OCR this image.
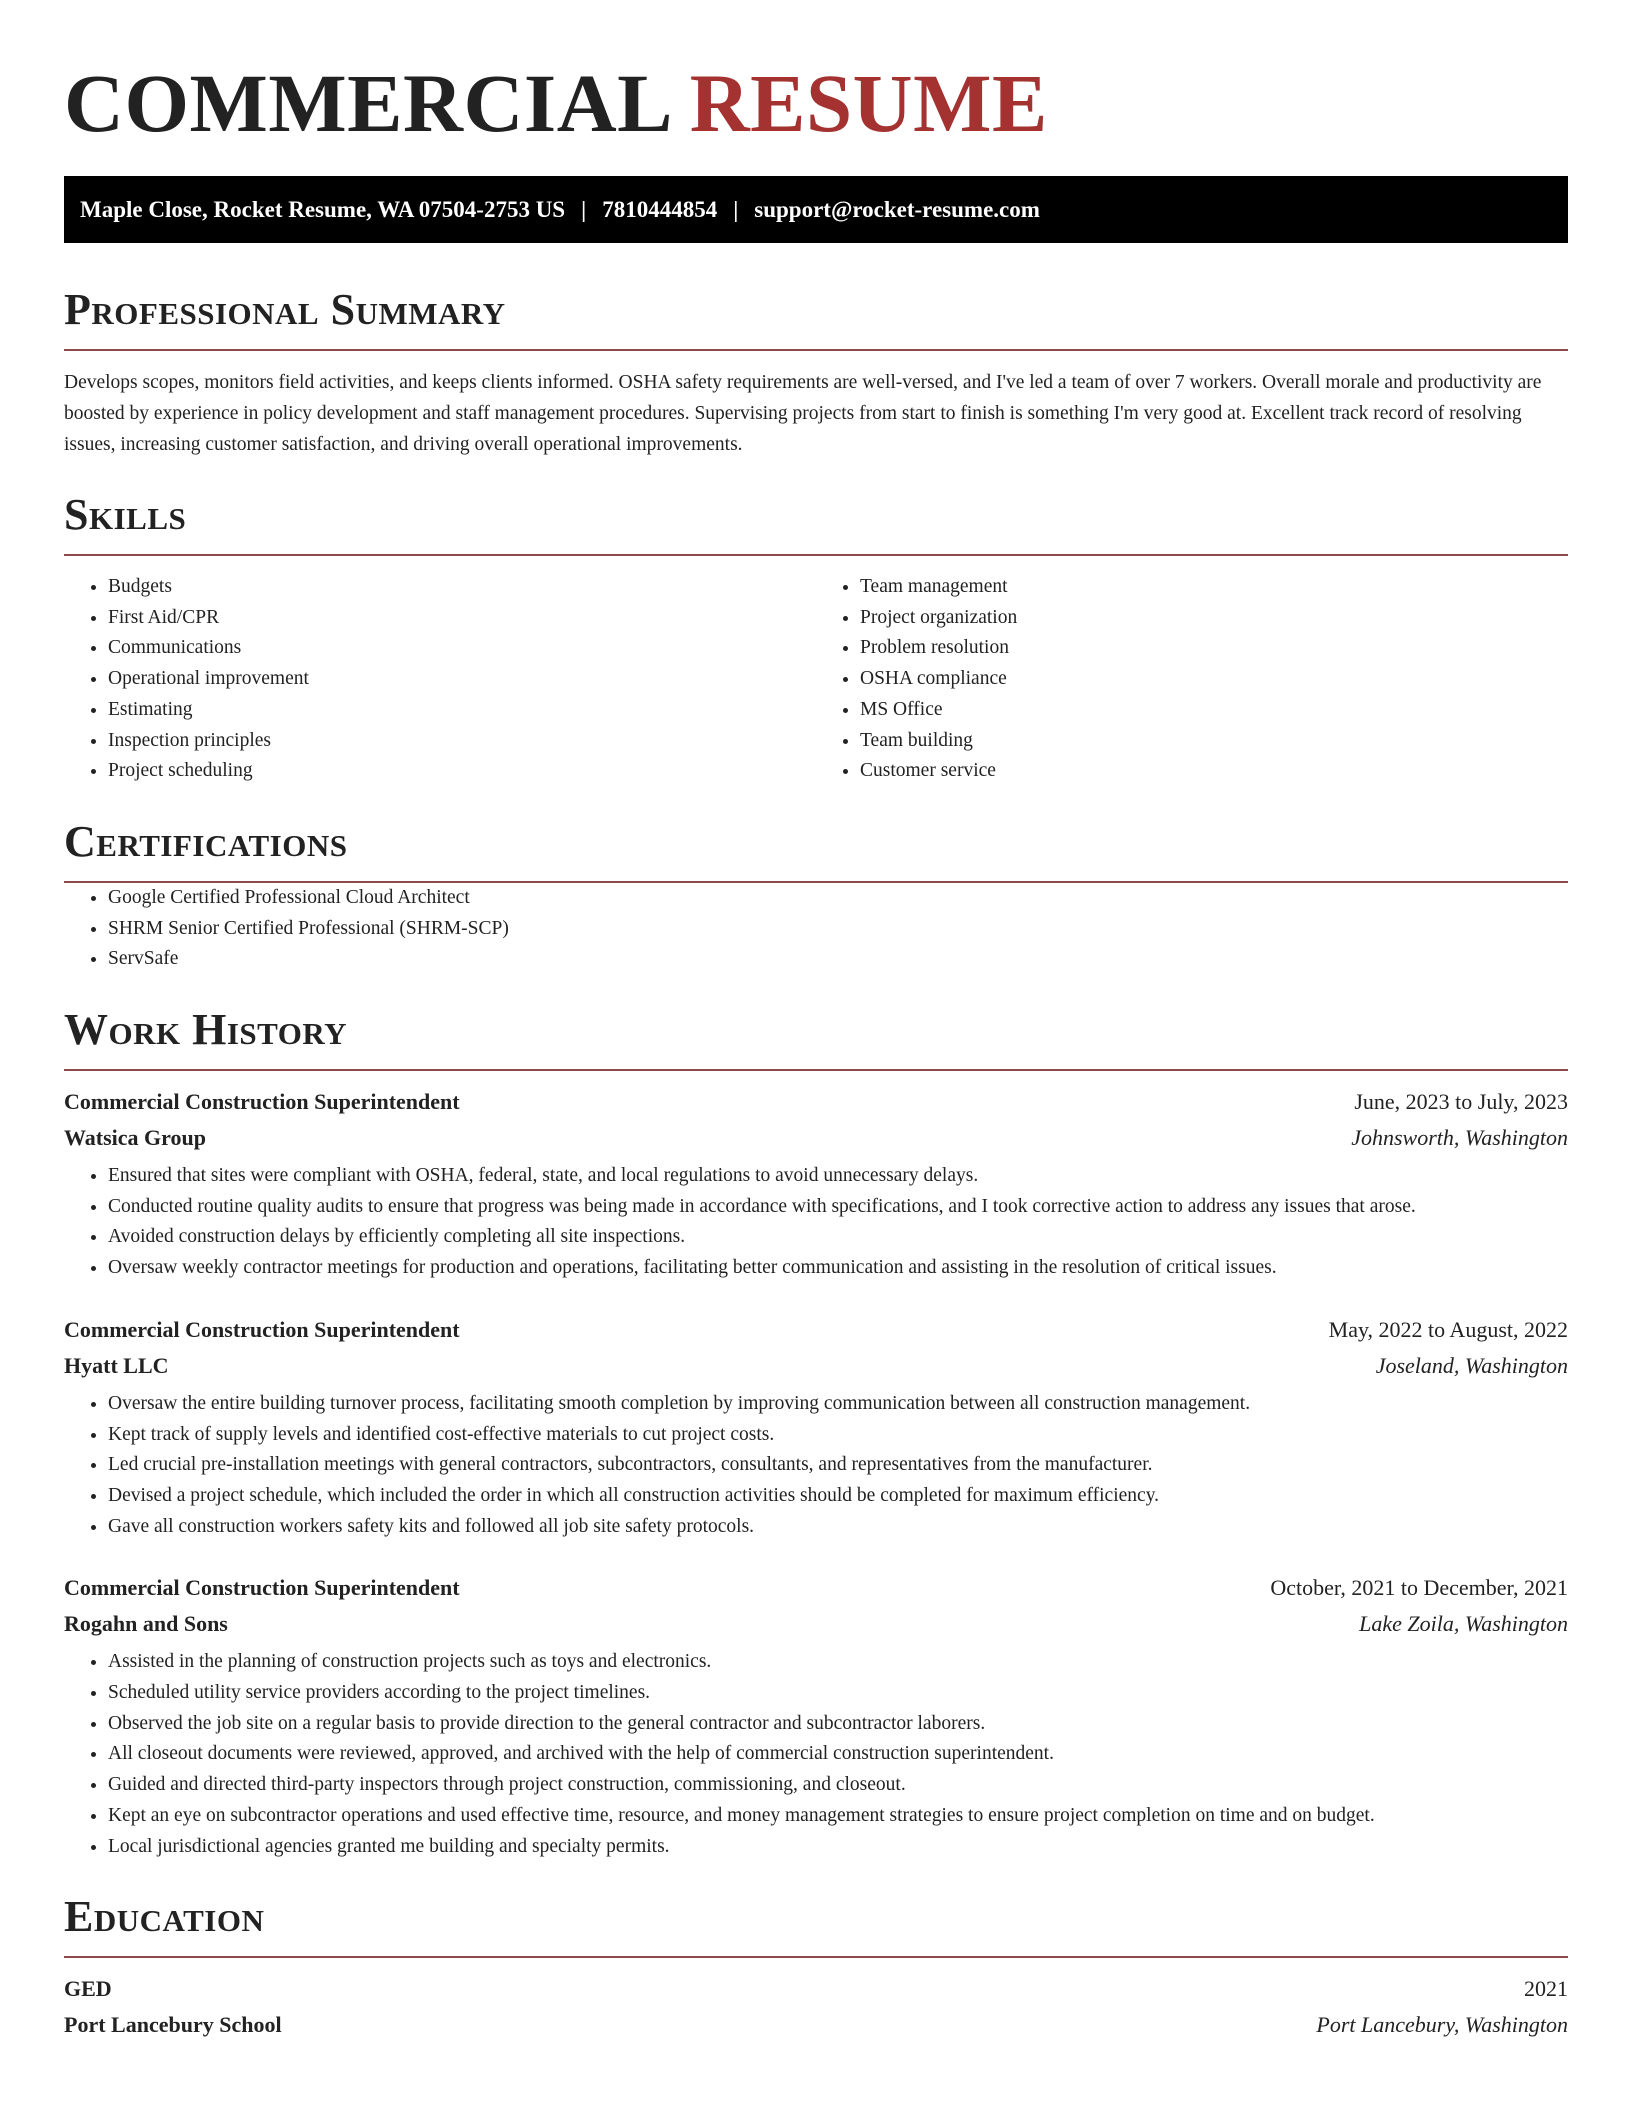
COMMERCIAL RESUME
Maple Close, Rocket Resume, WA 07504-2753 US | 7810444854 | support@rocket-resume.com
Professional Summary

Develops scopes, monitors field activities, and keeps clients informed. OSHA safety requirements are well-versed, and I've led a team of over 7 workers. Overall morale and productivity are boosted by experience in policy development and staff management procedures. Supervising projects from start to finish is something I'm very good at. Excellent track record of resolving issues, increasing customer satisfaction, and driving overall operational improvements.

Skills
• Budgets
• First Aid/CPR
• Communications
• Operational improvement
• Estimating
• Inspection principles
• Project scheduling
• Team management
• Project organization
• Problem resolution
• OSHA compliance
• MS Office
• Team building
• Customer service
Certifications
• Google Certified Professional Cloud Architect
• SHRM Senior Certified Professional (SHRM-SCP)
• ServSafe
Work History
Commercial Construction Superintendent	June, 2023 to July, 2023
Watsica Group	Johnsworth, Washington
• Ensured that sites were compliant with OSHA, federal, state, and local regulations to avoid unnecessary delays.
• Conducted routine quality audits to ensure that progress was being made in accordance with specifications, and I took corrective action to address any issues that arose.
• Avoided construction delays by efficiently completing all site inspections.
• Oversaw weekly contractor meetings for production and operations, facilitating better communication and assisting in the resolution of critical issues.
Commercial Construction Superintendent	May, 2022 to August, 2022
Hyatt LLC	Joseland, Washington
• Oversaw the entire building turnover process, facilitating smooth completion by improving communication between all construction management.
• Kept track of supply levels and identified cost-effective materials to cut project costs.
• Led crucial pre-installation meetings with general contractors, subcontractors, consultants, and representatives from the manufacturer.
• Devised a project schedule, which included the order in which all construction activities should be completed for maximum efficiency.
• Gave all construction workers safety kits and followed all job site safety protocols.
Commercial Construction Superintendent	October, 2021 to December, 2021
Rogahn and Sons	Lake Zoila, Washington
• Assisted in the planning of construction projects such as toys and electronics.
• Scheduled utility service providers according to the project timelines.
• Observed the job site on a regular basis to provide direction to the general contractor and subcontractor laborers.
• All closeout documents were reviewed, approved, and archived with the help of commercial construction superintendent.
• Guided and directed third-party inspectors through project construction, commissioning, and closeout.
• Kept an eye on subcontractor operations and used effective time, resource, and money management strategies to ensure project completion on time and on budget.
• Local jurisdictional agencies granted me building and specialty permits.
Education
GED	2021
Port Lancebury School	Port Lancebury, Washington
